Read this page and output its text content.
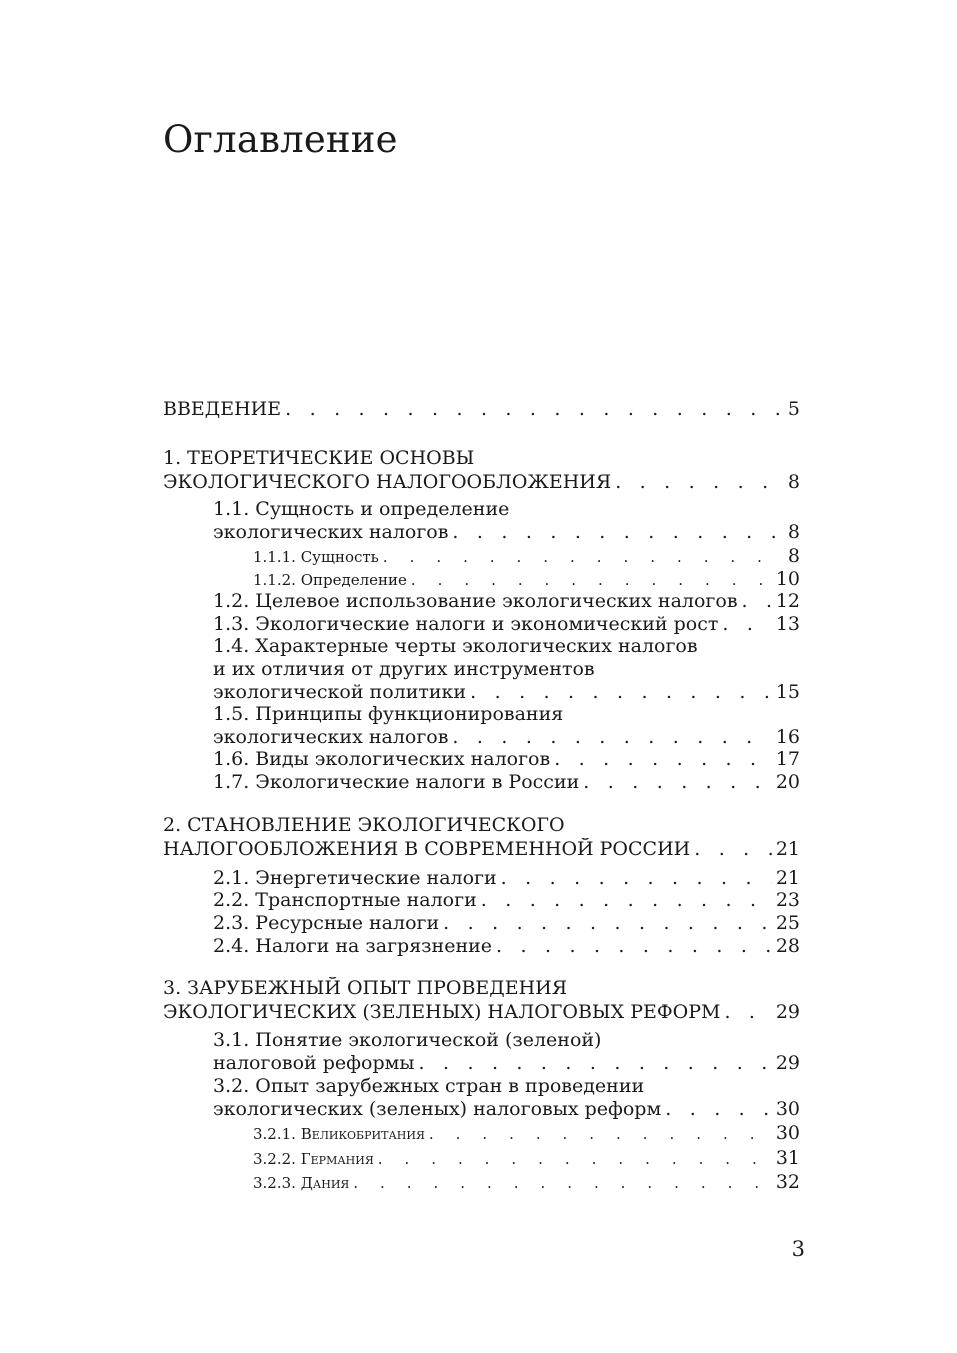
Оглавление
ВВЕДЕНИЕ . . .	5
1. ТЕОРЕТИЧЕСКИЕ ОСНОВЫ
ЭКОЛОГИЧЕСКОГО НАЛОГООБЛОЖЕНИЯ . . .	8
1.1. Сущность и определение
экологических налогов . . .	8
1.1.1. Сущность . . .	8
1.1.2. Определение . . .	10
1.2. Целевое использование экологических налогов . . . 12
1.3. Экологические налоги и экономический рост . . .	13
1.4. Характерные черты экологических налогов
и их отличия от других инструментов
экологической политики . . .	15
1.5. Принципы функционирования
экологических налогов . . .	16
1.6. Виды экологических налогов . . .	17
1.7. Экологические налоги в России . . .	20
2. СТАНОВЛЕНИЕ ЭКОЛОГИЧЕСКОГО
НАЛОГООБЛОЖЕНИЯ В СОВРЕМЕННОЙ РОССИИ . . .	21
2.1. Энергетические налоги . . .	21
2.2. Транспортные налоги . . .	23
2.3. Ресурсные налоги . . .	25
2.4. Налоги на загрязнение . . .	28
3. ЗАРУБЕЖНЫЙ ОПЫТ ПРОВЕДЕНИЯ
ЭКОЛОГИЧЕСКИХ (ЗЕЛЕНЫХ) НАЛОГОВЫХ РЕФОРМ . . .	29
3.1. Понятие экологической (зеленой)
налоговой реформы . . .	29
3.2. Опыт зарубежных стран в проведении
экологических (зеленых) налоговых реформ . . .	30
3.2.1. Великобритания . . .	30
3.2.2. Германия . . .	31
3.2.3. Дания . . .	32
3
